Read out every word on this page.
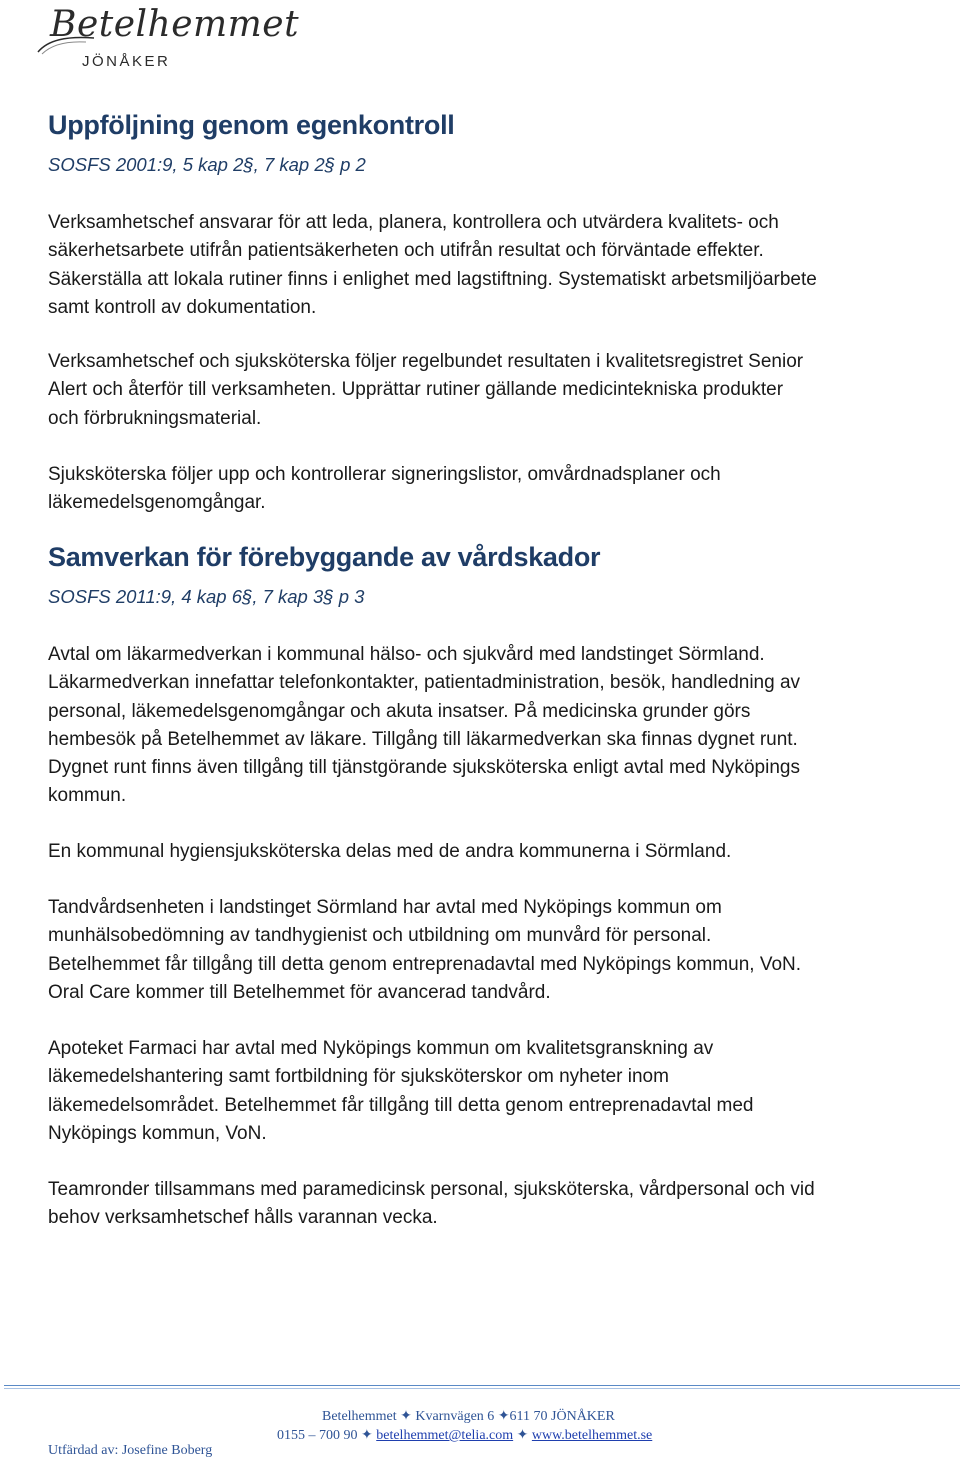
Betelhemmet
JÖNÅKER
Uppföljning genom egenkontroll

SOSFS 2001:9, 5 kap 2§, 7 kap 2§ p 2

Verksamhetschef ansvarar för att leda, planera, kontrollera och utvärdera kvalitets- och
säkerhetsarbete utifrån patientsäkerheten och utifrån resultat och förväntade effekter.
Säkerställa att lokala rutiner finns i enlighet med lagstiftning. Systematiskt arbetsmiljöarbete
samt kontroll av dokumentation.
Verksamhetschef och sjuksköterska följer regelbundet resultaten i kvalitetsregistret Senior
Alert och återför till verksamheten. Upprättar rutiner gällande medicintekniska produkter
och förbrukningsmaterial.
Sjuksköterska följer upp och kontrollerar signeringslistor, omvårdnadsplaner och
läkemedelsgenomgångar.
Samverkan för förebyggande av vårdskador

SOSFS 2011:9, 4 kap 6§, 7 kap 3§ p 3

Avtal om läkarmedverkan i kommunal hälso- och sjukvård med landstinget Sörmland.
Läkarmedverkan innefattar telefonkontakter, patientadministration, besök, handledning av
personal, läkemedelsgenomgångar och akuta insatser. På medicinska grunder görs
hembesök på Betelhemmet av läkare. Tillgång till läkarmedverkan ska finnas dygnet runt.
Dygnet runt finns även tillgång till tjänstgörande sjuksköterska enligt avtal med Nyköpings
kommun.
En kommunal hygiensjuksköterska delas med de andra kommunerna i Sörmland.
Tandvårdsenheten i landstinget Sörmland har avtal med Nyköpings kommun om
munhälsobedömning av tandhygienist och utbildning om munvård för personal.
Betelhemmet får tillgång till detta genom entreprenadavtal med Nyköpings kommun, VoN.
Oral Care kommer till Betelhemmet för avancerad tandvård.
Apoteket Farmaci har avtal med Nyköpings kommun om kvalitetsgranskning av
läkemedelshantering samt fortbildning för sjuksköterskor om nyheter inom
läkemedelsområdet. Betelhemmet får tillgång till detta genom entreprenadavtal med
Nyköpings kommun, VoN.
Teamronder tillsammans med paramedicinsk personal, sjuksköterska, vårdpersonal och vid
behov verksamhetschef hålls varannan vecka.
Betelhemmet ✦ Kvarnvägen 6 ✦611 70 JÖNÅKER
0155 – 700 90 ✦ betelhemmet@telia.com ✦ www.betelhemmet.se
Utfärdad av: Josefine Boberg
